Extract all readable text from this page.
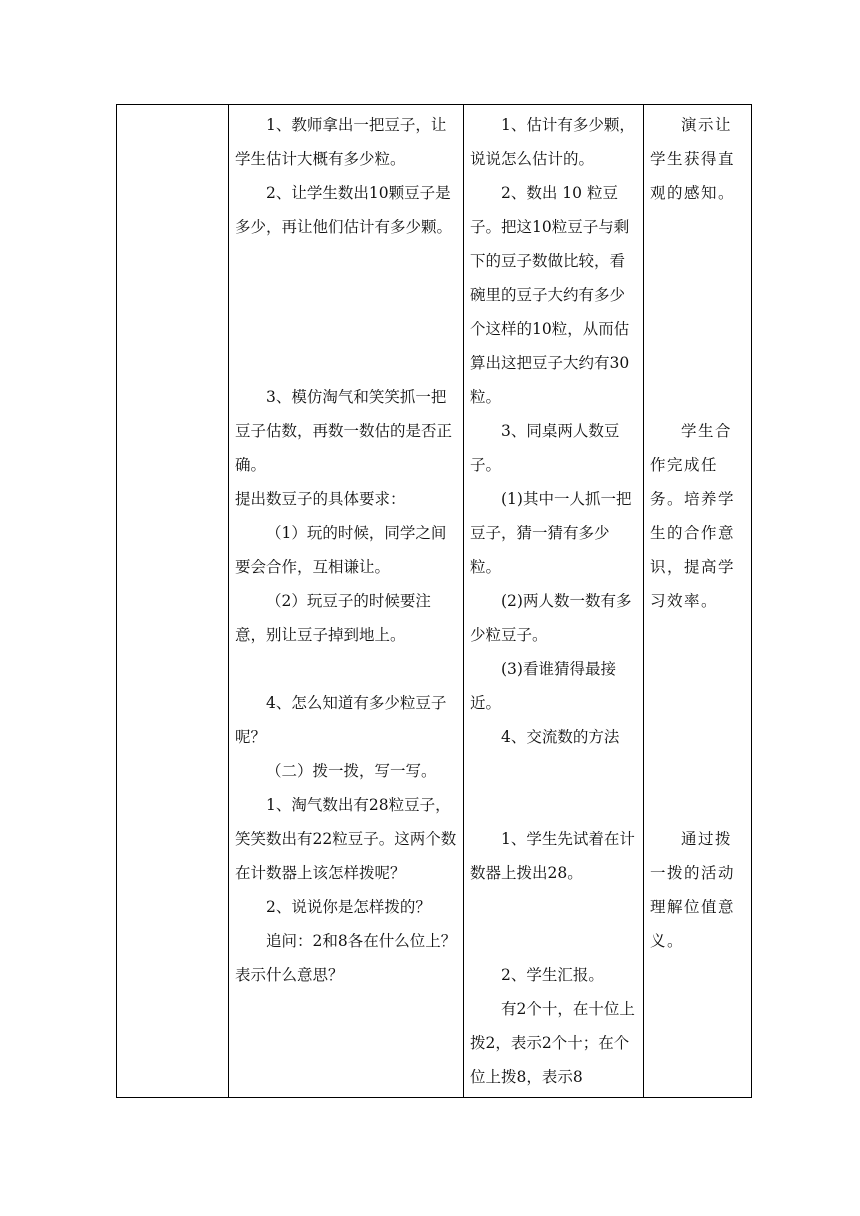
1、教师拿出一把豆子，让学生估计大概有多少粒。

2、让学生数出10颗豆子是多少，再让他们估计有多少颗。

3、模仿淘气和笑笑抓一把豆子估数，再数一数估的是否正确。

提出数豆子的具体要求：

（1）玩的时候，同学之间要会合作，互相谦让。

（2）玩豆子的时候要注意，别让豆子掉到地上。

4、怎么知道有多少粒豆子呢？

（二）拨一拨，写一写。

1、淘气数出有28粒豆子，笑笑数出有22粒豆子。这两个数在计数器上该怎样拨呢？

2、说说你是怎样拨的？

追问：2和8各在什么位上？表示什么意思？

1、估计有多少颗，说说怎么估计的。

2、数出 10 粒豆子。把这10粒豆子与剩下的豆子数做比较，看碗里的豆子大约有多少个这样的10粒，从而估算出这把豆子大约有30粒。

3、同桌两人数豆子。

(1)其中一人抓一把豆子，猜一猜有多少粒。

(2)两人数一数有多少粒豆子。

(3)看谁猜得最接近。

4、交流数的方法

1、学生先试着在计数器上拨出28。

2、学生汇报。

有2个十，在十位上拨2，表示2个十；在个位上拨8，表示8

演示让学生获得直观的感知。

学生合作完成任务。培养学生的合作意识，提高学习效率。

通过拨一拨的活动理解位值意义。
